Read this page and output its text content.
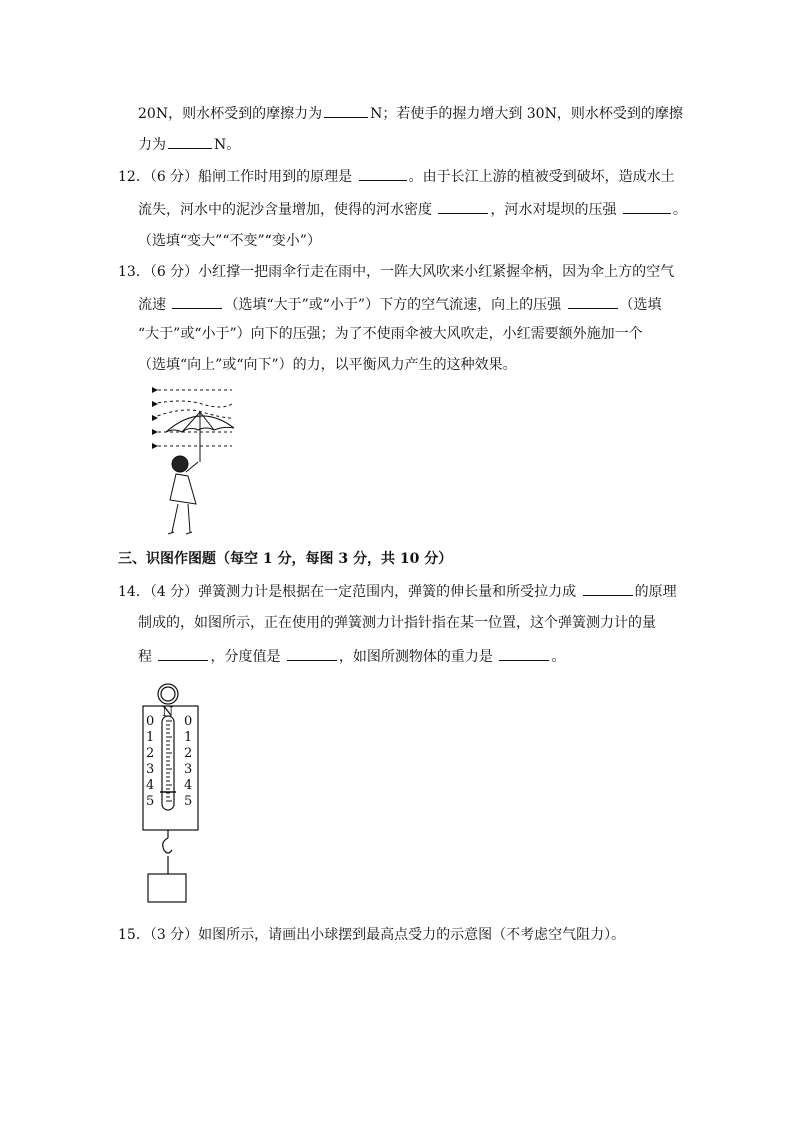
20N，则水杯受到的摩擦力为	N；若使手的握力增大到 30N，则水杯受到的摩擦
力为	N。
12．（6 分）船闸工作时用到的原理是	。由于长江上游的植被受到破坏，造成水土
流失，河水中的泥沙含量增加，使得的河水密度	，河水对堤坝的压强	。
（选填“变大”“不变”“变小”）
13．（6 分）小红撑一把雨伞行走在雨中，一阵大风吹来小红紧握伞柄，因为伞上方的空气
流速	（选填“大于”或“小于”）下方的空气流速，向上的压强	（选填
“大于”或“小于”）向下的压强；为了不使雨伞被大风吹走，小红需要额外施加一个
（选填“向上”或“向下”）的力，以平衡风力产生的这种效果。
三、识图作图题（每空 1 分，每图 3 分，共 10 分）
14．（4 分）弹簧测力计是根据在一定范围内，弹簧的伸长量和所受拉力成	的原理
制成的，如图所示，正在使用的弹簧测力计指针指在某一位置，这个弹簧测力计的量
程	，分度值是	，如图所测物体的重力是	。
N
0
1
2
3
4
5
0
1
2
3
4
5
15．（3 分）如图所示，请画出小球摆到最高点受力的示意图（不考虑空气阻力）。
